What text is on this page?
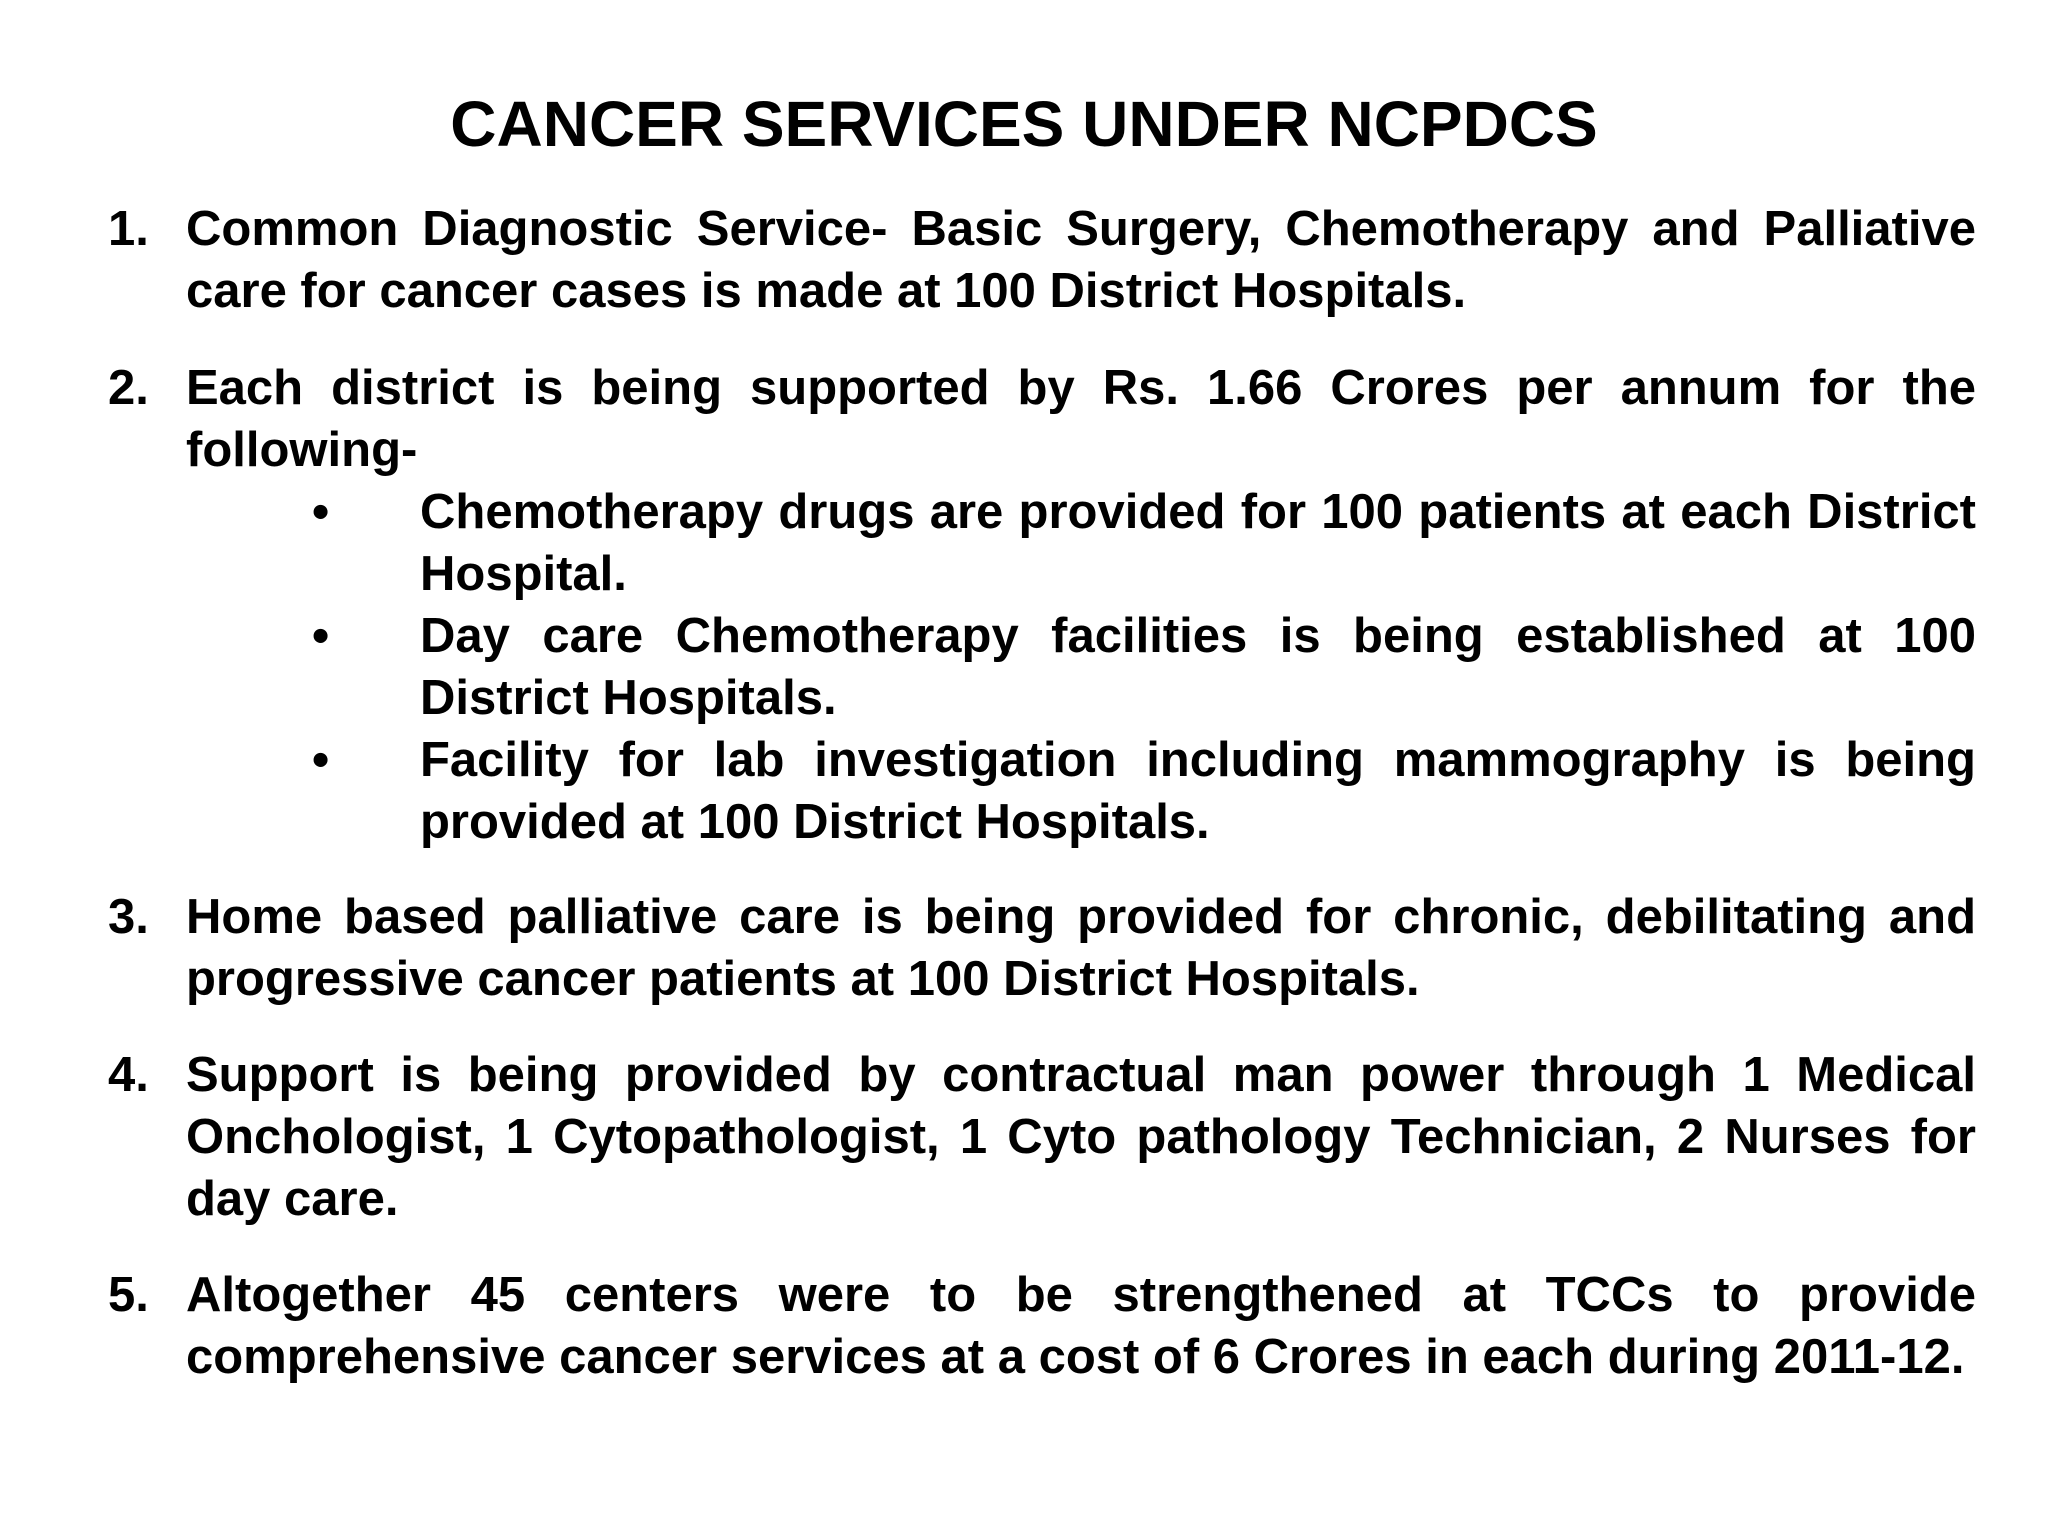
CANCER SERVICES UNDER NCPDCS
1. Common Diagnostic Service- Basic Surgery, Chemotherapy and Palliative care for cancer cases is made at 100 District Hospitals.
2. Each district is being supported by Rs. 1.66 Crores per annum for the following-
• Chemotherapy drugs are provided for 100 patients at each District Hospital.
• Day care Chemotherapy facilities is being established at 100 District Hospitals.
• Facility for lab investigation including mammography is being provided at 100 District Hospitals.
3. Home based palliative care is being provided for chronic, debilitating and progressive cancer patients at 100 District Hospitals.
4. Support is being provided by contractual man power through 1 Medical Onchologist, 1 Cytopathologist, 1 Cyto pathology Technician, 2 Nurses for day care.
5. Altogether 45 centers were to be strengthened at TCCs to provide comprehensive cancer services at a cost of 6 Crores in each during 2011-12.
